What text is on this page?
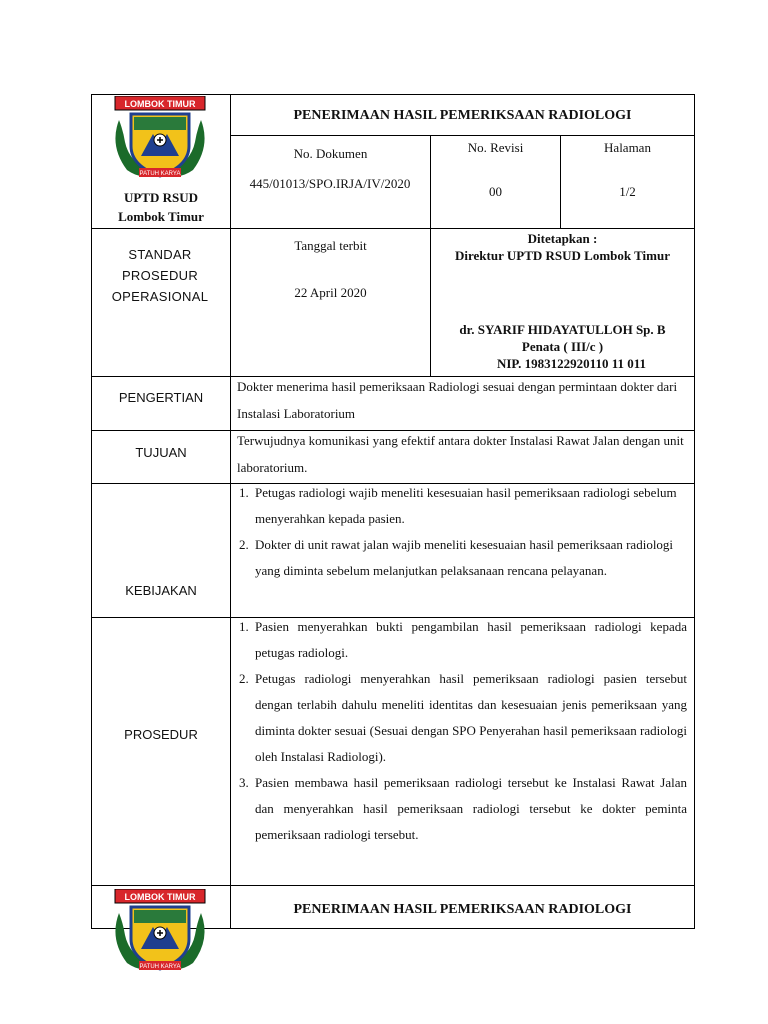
LOMBOK TIMUR
PATUH KARYA
UPTD RSUD
Lombok Timur
PENERIMAAN HASIL PEMERIKSAAN RADIOLOGI
No. Dokumen
445/01013/SPO.IRJA/IV/2020
No. Revisi
00
Halaman
1/2
STANDAR PROSEDUR OPERASIONAL
Tanggal terbit
22 April 2020
Ditetapkan :
Direktur UPTD RSUD Lombok Timur
dr. SYARIF HIDAYATULLOH Sp. B
Penata ( III/c )
NIP. 1983122920110 11 011
PENGERTIAN
Dokter menerima hasil pemeriksaan Radiologi sesuai dengan permintaan dokter dari Instalasi Laboratorium
TUJUAN
Terwujudnya komunikasi yang efektif antara dokter Instalasi Rawat Jalan dengan unit laboratorium.
KEBIJAKAN
1. Petugas radiologi wajib meneliti kesesuaian hasil pemeriksaan radiologi sebelum menyerahkan kepada pasien.
2. Dokter di unit rawat jalan wajib meneliti kesesuaian hasil pemeriksaan radiologi yang diminta sebelum melanjutkan pelaksanaan rencana pelayanan.
PROSEDUR
1. Pasien menyerahkan bukti pengambilan hasil pemeriksaan radiologi kepada petugas radiologi.
2. Petugas radiologi menyerahkan hasil pemeriksaan radiologi pasien tersebut dengan terlabih dahulu meneliti identitas dan kesesuaian jenis pemeriksaan yang diminta dokter sesuai (Sesuai dengan SPO Penyerahan hasil pemeriksaan radiologi oleh Instalasi Radiologi).
3. Pasien membawa hasil pemeriksaan radiologi tersebut ke Instalasi Rawat Jalan dan menyerahkan hasil pemeriksaan radiologi tersebut ke dokter peminta pemeriksaan radiologi tersebut.
LOMBOK TIMUR
PATUH KARYA
PENERIMAAN HASIL PEMERIKSAAN RADIOLOGI
